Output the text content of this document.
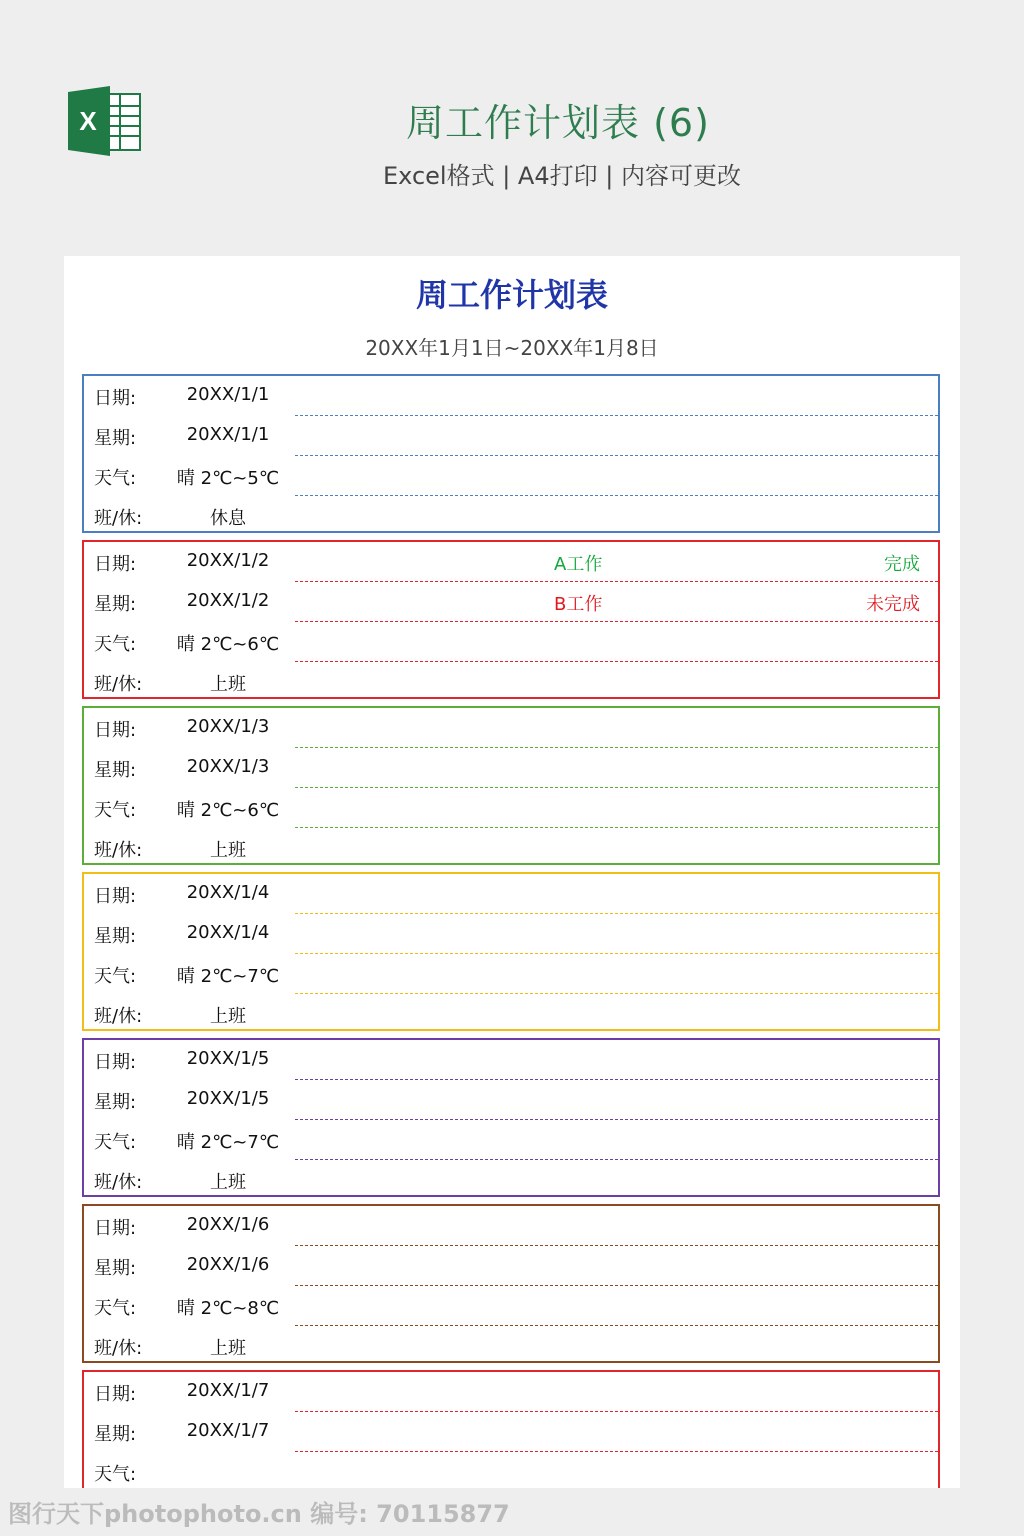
X	周工作计划表 (6)
Excel格式 | A4打印 | 内容可更改
周工作计划表
20XX年1月1日~20XX年1月8日
日期:	20XX/1/1
星期:	20XX/1/1
天气:	晴 2℃~5℃
班/休:	休息
日期:	20XX/1/2
星期:	20XX/1/2
天气:	晴 2℃~6℃
班/休:	上班
A工作	完成
B工作	未完成
日期:	20XX/1/3
星期:	20XX/1/3
天气:	晴 2℃~6℃
班/休:	上班
日期:	20XX/1/4
星期:	20XX/1/4
天气:	晴 2℃~7℃
班/休:	上班
日期:	20XX/1/5
星期:	20XX/1/5
天气:	晴 2℃~7℃
班/休:	上班
日期:	20XX/1/6
星期:	20XX/1/6
天气:	晴 2℃~8℃
班/休:	上班
日期:	20XX/1/7
星期:	20XX/1/7
天气:
图行天下photophoto.cn 编号: 70115877
